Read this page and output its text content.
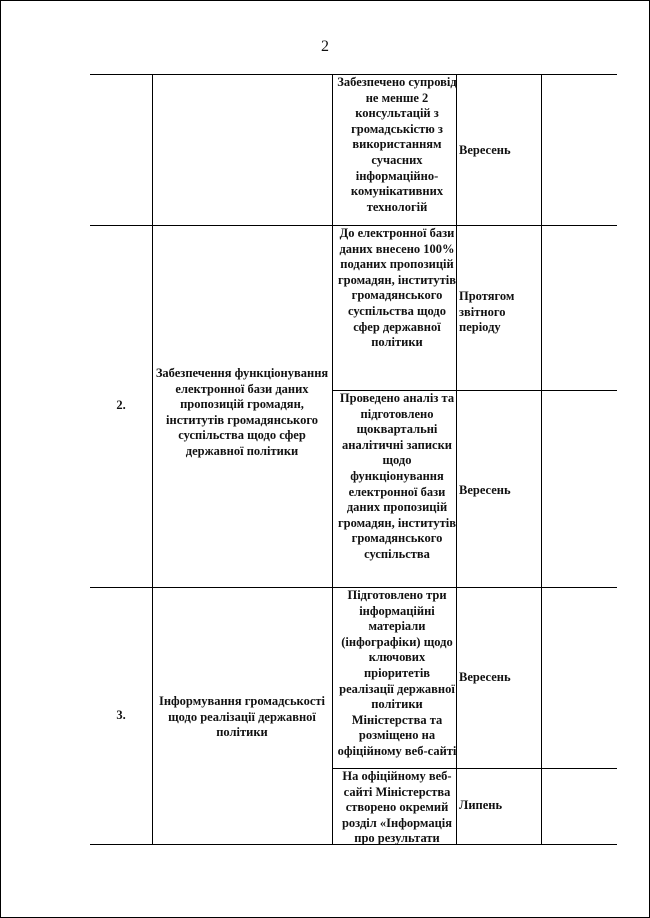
2
Забезпечено супровід не менше 2 консультацій з громадськістю з використанням сучасних інформаційно-комунікативних технологій
Вересень
2.
Забезпечення функціонування електронної бази даних пропозицій громадян, інститутів громадянського суспільства щодо сфер державної політики
До електронної бази даних внесено 100% поданих пропозицій громадян, інститутів громадянського суспільства щодо сфер державної політики
Протягом звітного періоду
Проведено аналіз та підготовлено щоквартальні аналітичні записки щодо функціонування електронної бази даних пропозицій громадян, інститутів громадянського суспільства
Вересень
3.
Інформування громадськості щодо реалізації державної політики
Підготовлено три інформаційні матеріали (інфографіки) щодо ключових пріоритетів реалізації державної політики Міністерства та розміщено на офіційному веб-сайті
Вересень
На офіційному веб-сайті Міністерства створено окремий розділ «Інформація про результати
Липень
